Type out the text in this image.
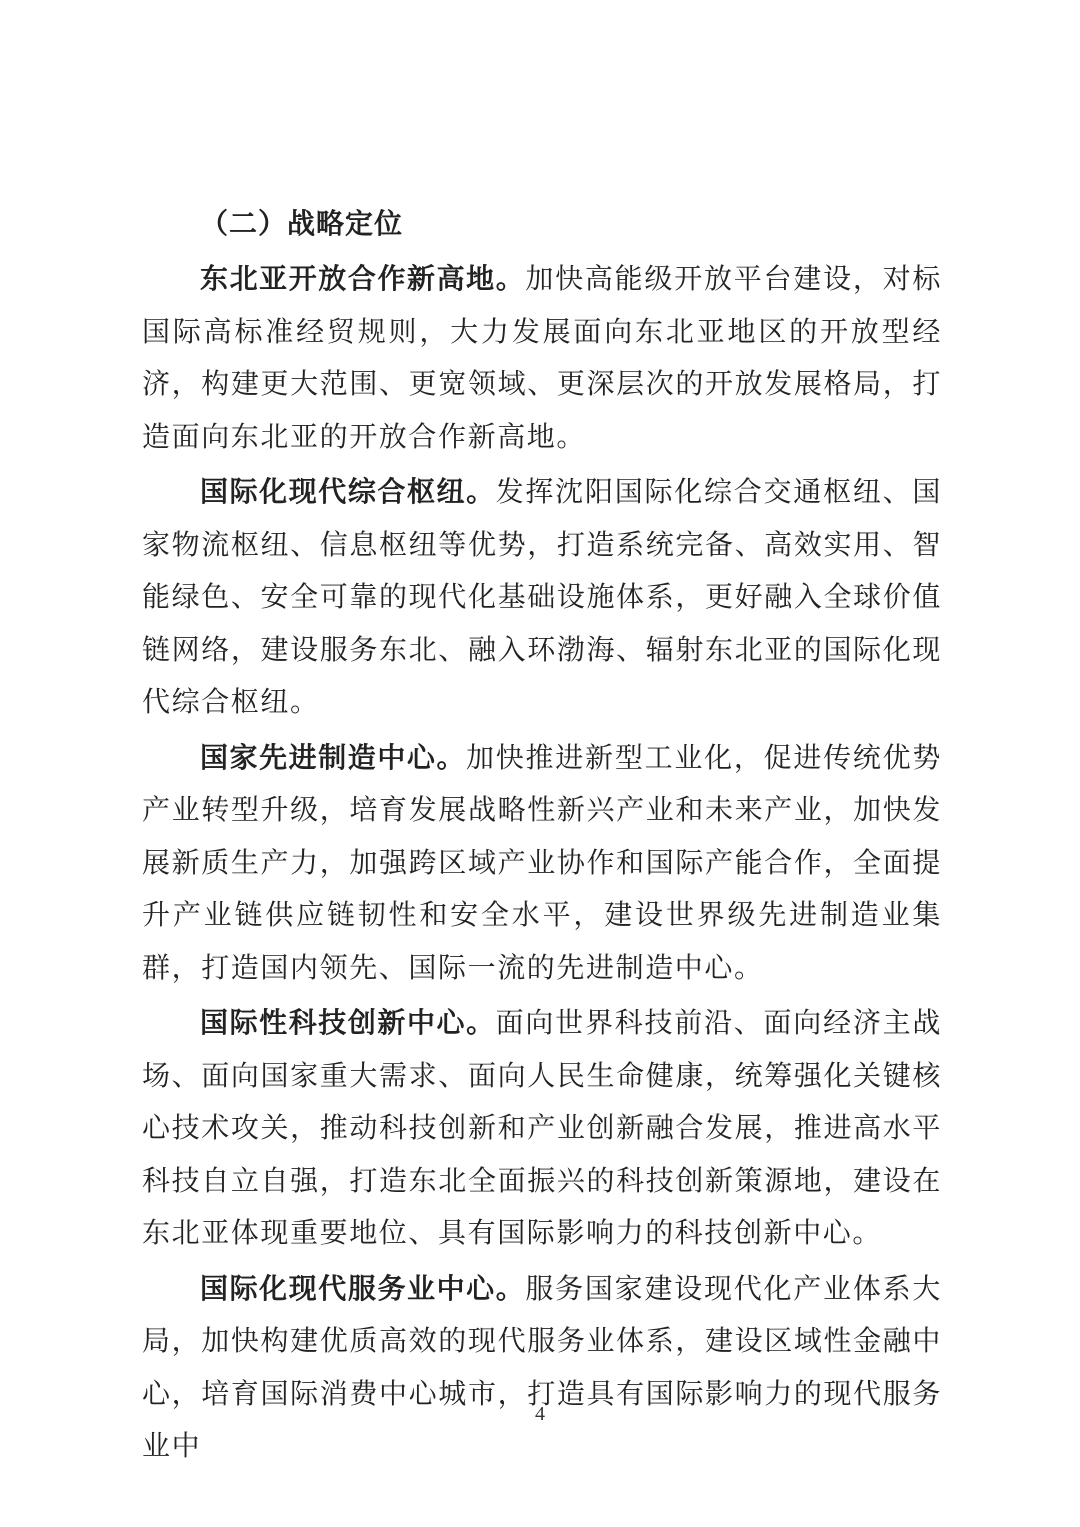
（二）战略定位

东北亚开放合作新高地。加快高能级开放平台建设，对标国际高标准经贸规则，大力发展面向东北亚地区的开放型经济，构建更大范围、更宽领域、更深层次的开放发展格局，打造面向东北亚的开放合作新高地。

国际化现代综合枢纽。发挥沈阳国际化综合交通枢纽、国家物流枢纽、信息枢纽等优势，打造系统完备、高效实用、智能绿色、安全可靠的现代化基础设施体系，更好融入全球价值链网络，建设服务东北、融入环渤海、辐射东北亚的国际化现代综合枢纽。

国家先进制造中心。加快推进新型工业化，促进传统优势产业转型升级，培育发展战略性新兴产业和未来产业，加快发展新质生产力，加强跨区域产业协作和国际产能合作，全面提升产业链供应链韧性和安全水平，建设世界级先进制造业集群，打造国内领先、国际一流的先进制造中心。

国际性科技创新中心。面向世界科技前沿、面向经济主战场、面向国家重大需求、面向人民生命健康，统筹强化关键核心技术攻关，推动科技创新和产业创新融合发展，推进高水平科技自立自强，打造东北全面振兴的科技创新策源地，建设在东北亚体现重要地位、具有国际影响力的科技创新中心。

国际化现代服务业中心。服务国家建设现代化产业体系大局，加快构建优质高效的现代服务业体系，建设区域性金融中心，培育国际消费中心城市，打造具有国际影响力的现代服务业中

4
